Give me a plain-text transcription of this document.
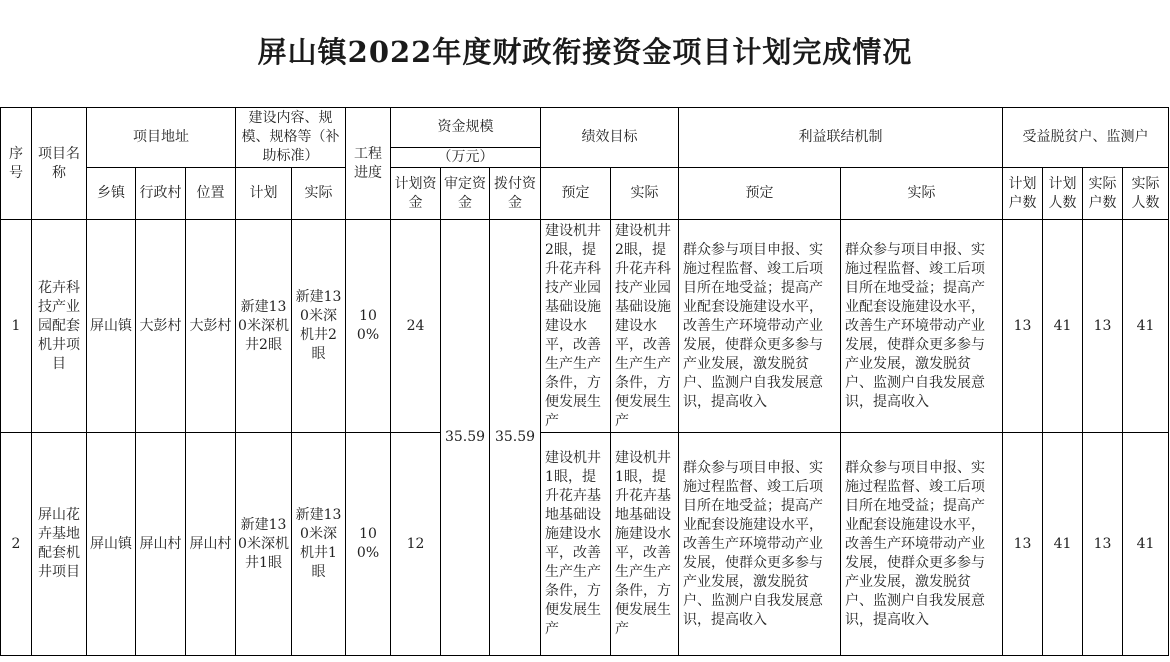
屏山镇2022年度财政衔接资金项目计划完成情况
序号	项目名称	项目地址			建设内容、规模、规格等（补助标准）		工程进度	资金规模			绩效目标		利益联结机制		受益脱贫户、监测户			
								（万元）										
		乡镇	行政村	位置	计划	实际		计划资金	审定资金	拨付资金	预定	实际	预定	实际	计划户数	计划人数	实际户数	实际人数
1	花卉科技产业园配套机井项目	屏山镇	大彭村	大彭村	新建130米深机井2眼	新建130米深机井2眼	100%	24	35.59	35.59	建设机井2眼，提升花卉科技产业园基础设施建设水平，改善生产生产条件，方便发展生产	建设机井2眼，提升花卉科技产业园基础设施建设水平，改善生产生产条件，方便发展生产	群众参与项目申报、实施过程监督、竣工后项目所在地受益；提高产业配套设施建设水平，改善生产环境带动产业发展，使群众更多参与产业发展，激发脱贫户、监测户自我发展意识，提高收入	群众参与项目申报、实施过程监督、竣工后项目所在地受益；提高产业配套设施建设水平，改善生产环境带动产业发展，使群众更多参与产业发展，激发脱贫户、监测户自我发展意识，提高收入	13	41	13	41
2	屏山花卉基地配套机井项目	屏山镇	屏山村	屏山村	新建130米深机井1眼	新建130米深机井1眼	100%	12			建设机井1眼，提升花卉基地基础设施建设水平，改善生产生产条件，方便发展生产	建设机井1眼，提升花卉基地基础设施建设水平，改善生产生产条件，方便发展生产	群众参与项目申报、实施过程监督、竣工后项目所在地受益；提高产业配套设施建设水平，改善生产环境带动产业发展，使群众更多参与产业发展，激发脱贫户、监测户自我发展意识，提高收入	群众参与项目申报、实施过程监督、竣工后项目所在地受益；提高产业配套设施建设水平，改善生产环境带动产业发展，使群众更多参与产业发展，激发脱贫户、监测户自我发展意识，提高收入	13	41	13	41
